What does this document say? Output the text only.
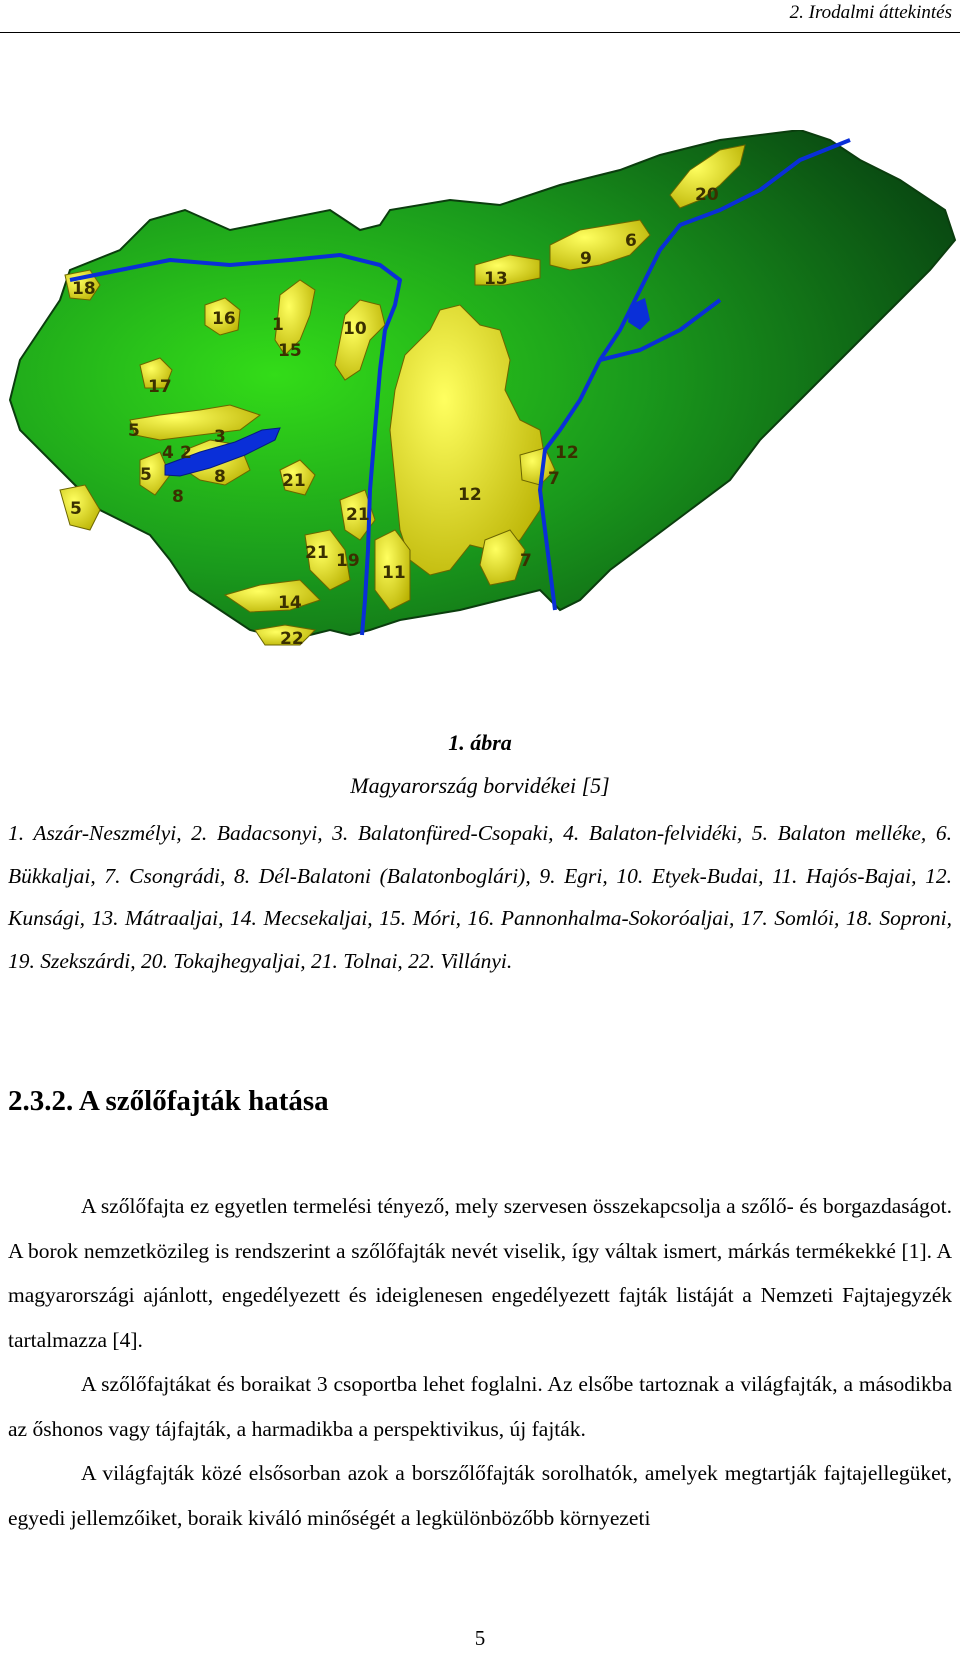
2. Irodalmi áttekintés
18
16 1
15
10
17
5
4 2
3
5	8
8
5
21
21
21 19
11
14
22
13
9
6
20
12
12
7
7
1. ábra
Magyarország borvidékei [5]
1. Aszár-Neszmélyi, 2. Badacsonyi, 3. Balatonfüred-Csopaki, 4. Balaton-felvidéki, 5. Balaton melléke, 6. Bükkaljai, 7. Csongrádi, 8. Dél-Balatoni (Balatonboglári), 9. Egri, 10. Etyek-Budai, 11. Hajós-Bajai, 12. Kunsági, 13. Mátraaljai, 14. Mecsekaljai, 15. Móri, 16. Pannonhalma-Sokoróaljai, 17. Somlói, 18. Soproni, 19. Szekszárdi, 20. Tokajhegyaljai, 21. Tolnai, 22. Villányi.
2.3.2. A szőlőfajták hatása

A szőlőfajta ez egyetlen termelési tényező, mely szervesen összekapcsolja a szőlő- és borgazdaságot. A borok nemzetközileg is rendszerint a szőlőfajták nevét viselik, így váltak ismert, márkás termékekké [1]. A magyarországi ajánlott, engedélyezett és ideiglenesen engedélyezett fajták listáját a Nemzeti Fajtajegyzék tartalmazza [4].

A szőlőfajtákat és boraikat 3 csoportba lehet foglalni. Az elsőbe tartoznak a világfajták, a másodikba az őshonos vagy tájfajták, a harmadikba a perspektivikus, új fajták.

A világfajták közé elsősorban azok a borszőlőfajták sorolhatók, amelyek megtartják fajtajellegüket, egyedi jellemzőiket, boraik kiváló minőségét a legkülönbözőbb környezeti

5
